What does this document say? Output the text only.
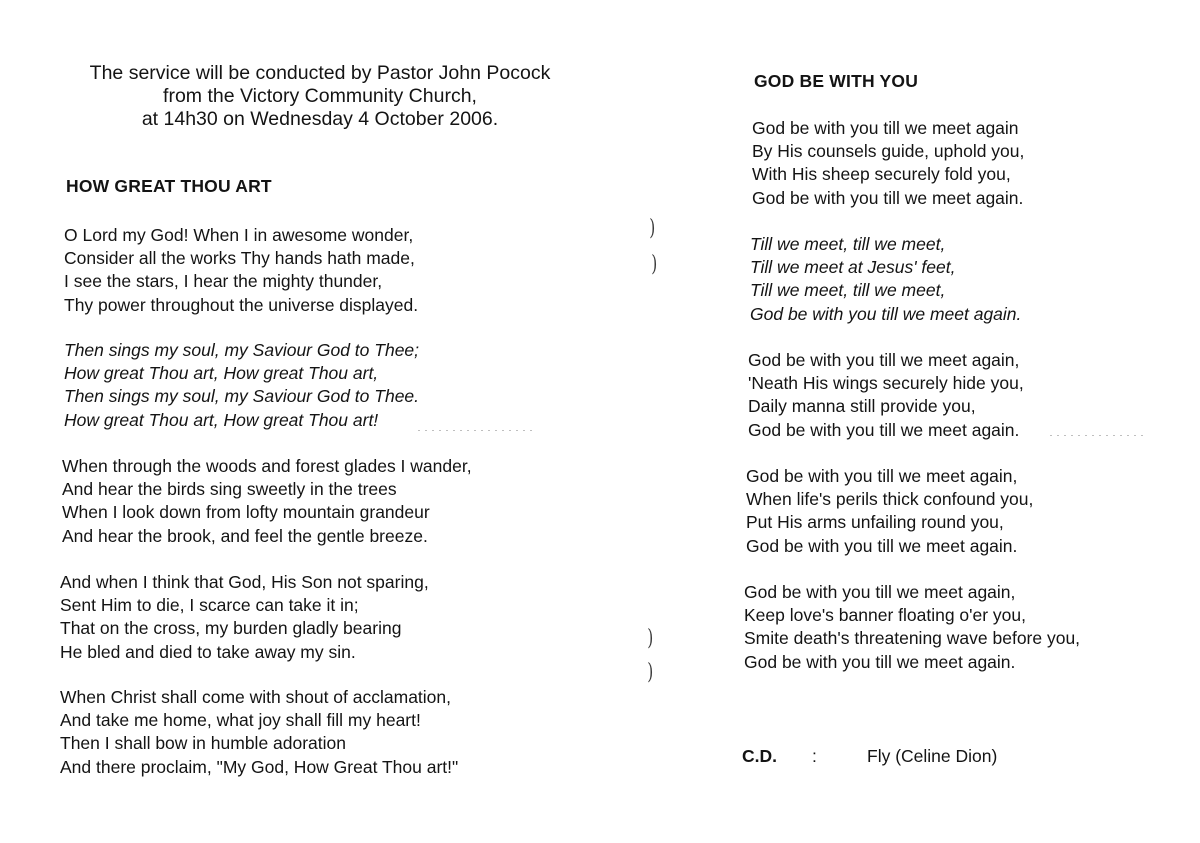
The service will be conducted by Pastor John Pocock
from the Victory Community Church,
at 14h30 on Wednesday 4 October 2006.
HOW GREAT THOU ART
O Lord my God! When I in awesome wonder,
Consider all the works Thy hands hath made,
I see the stars, I hear the mighty thunder,
Thy power throughout the universe displayed.
Then sings my soul, my Saviour God to Thee;
How great Thou art, How great Thou art,
Then sings my soul, my Saviour God to Thee.
How great Thou art, How great Thou art!
When through the woods and forest glades I wander,
And hear the birds sing sweetly in the trees
When I look down from lofty mountain grandeur
And hear the brook, and feel the gentle breeze.
And when I think that God, His Son not sparing,
Sent Him to die, I scarce can take it in;
That on the cross, my burden gladly bearing
He bled and died to take away my sin.
When Christ shall come with shout of acclamation,
And take me home, what joy shall fill my heart!
Then I shall bow in humble adoration
And there proclaim, "My God, How Great Thou art!"
GOD BE WITH YOU
God be with you till we meet again
By His counsels guide, uphold you,
With His sheep securely fold you,
God be with you till we meet again.
Till we meet, till we meet,
Till we meet at Jesus' feet,
Till we meet, till we meet,
God be with you till we meet again.
God be with you till we meet again,
'Neath His wings securely hide you,
Daily manna still provide you,
God be with you till we meet again.
God be with you till we meet again,
When life's perils thick confound you,
Put His arms unfailing round you,
God be with you till we meet again.
God be with you till we meet again,
Keep love's banner floating o'er you,
Smite death's threatening wave before you,
God be with you till we meet again.
C.D. :	Fly (Celine Dion)
)
)
)
)
